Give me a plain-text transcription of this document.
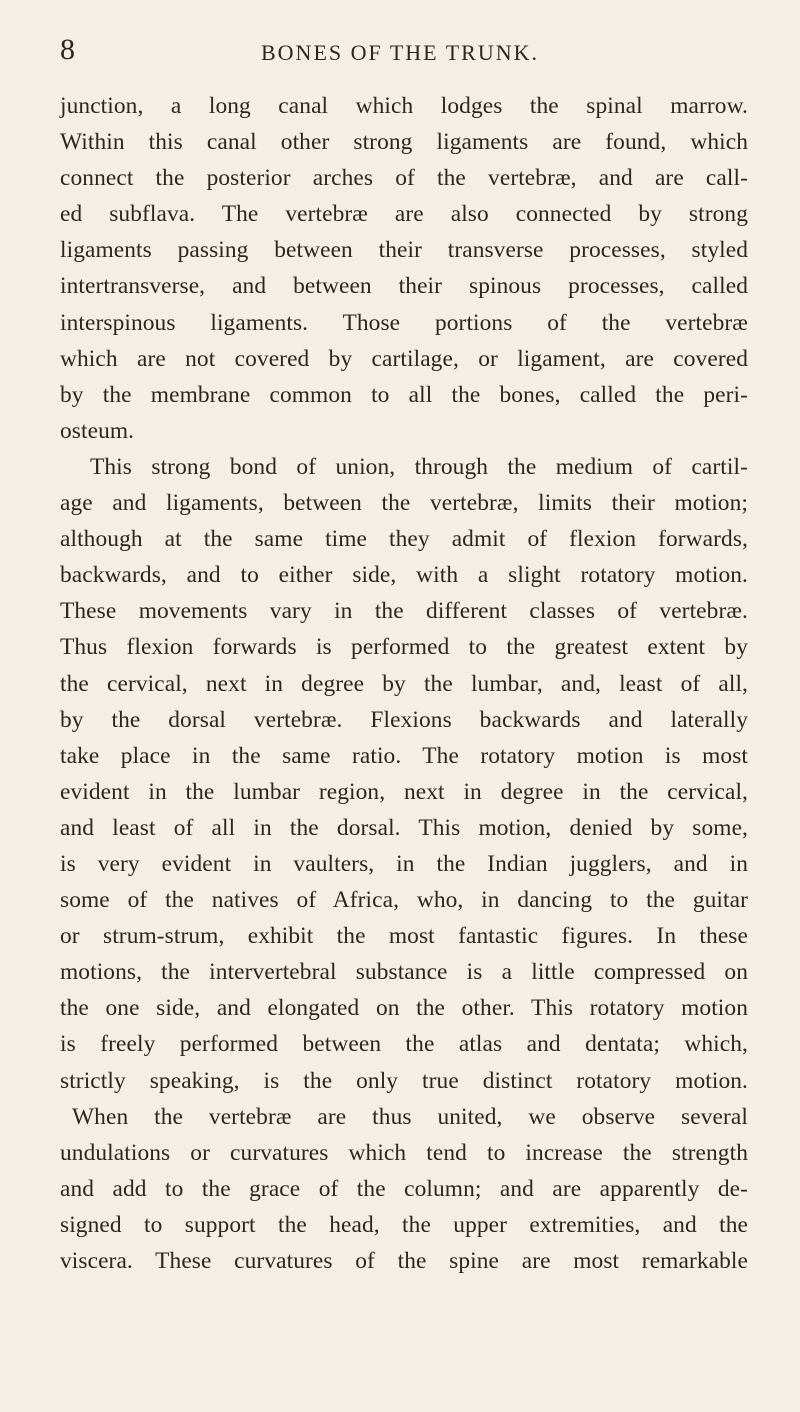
8	BONES OF THE TRUNK.
junction, a long canal which lodges the spinal marrow.
Within this canal other strong ligaments are found, which
connect the posterior arches of the vertebræ, and are call-
ed subflava. The vertebræ are also connected by strong
ligaments passing between their transverse processes, styled
intertransverse, and between their spinous processes, called
interspinous ligaments. Those portions of the vertebræ
which are not covered by cartilage, or ligament, are covered
by the membrane common to all the bones, called the peri-
osteum.
This strong bond of union, through the medium of cartil-
age and ligaments, between the vertebræ, limits their motion;
although at the same time they admit of flexion forwards,
backwards, and to either side, with a slight rotatory motion.
These movements vary in the different classes of vertebræ.
Thus flexion forwards is performed to the greatest extent by
the cervical, next in degree by the lumbar, and, least of all,
by the dorsal vertebræ. Flexions backwards and laterally
take place in the same ratio. The rotatory motion is most
evident in the lumbar region, next in degree in the cervical,
and least of all in the dorsal. This motion, denied by some,
is very evident in vaulters, in the Indian jugglers, and in
some of the natives of Africa, who, in dancing to the guitar
or strum-strum, exhibit the most fantastic figures. In these
motions, the intervertebral substance is a little compressed on
the one side, and elongated on the other. This rotatory motion
is freely performed between the atlas and dentata; which,
strictly speaking, is the only true distinct rotatory motion.
When the vertebræ are thus united, we observe several
undulations or curvatures which tend to increase the strength
and add to the grace of the column; and are apparently de-
signed to support the head, the upper extremities, and the
viscera. These curvatures of the spine are most remarkable
